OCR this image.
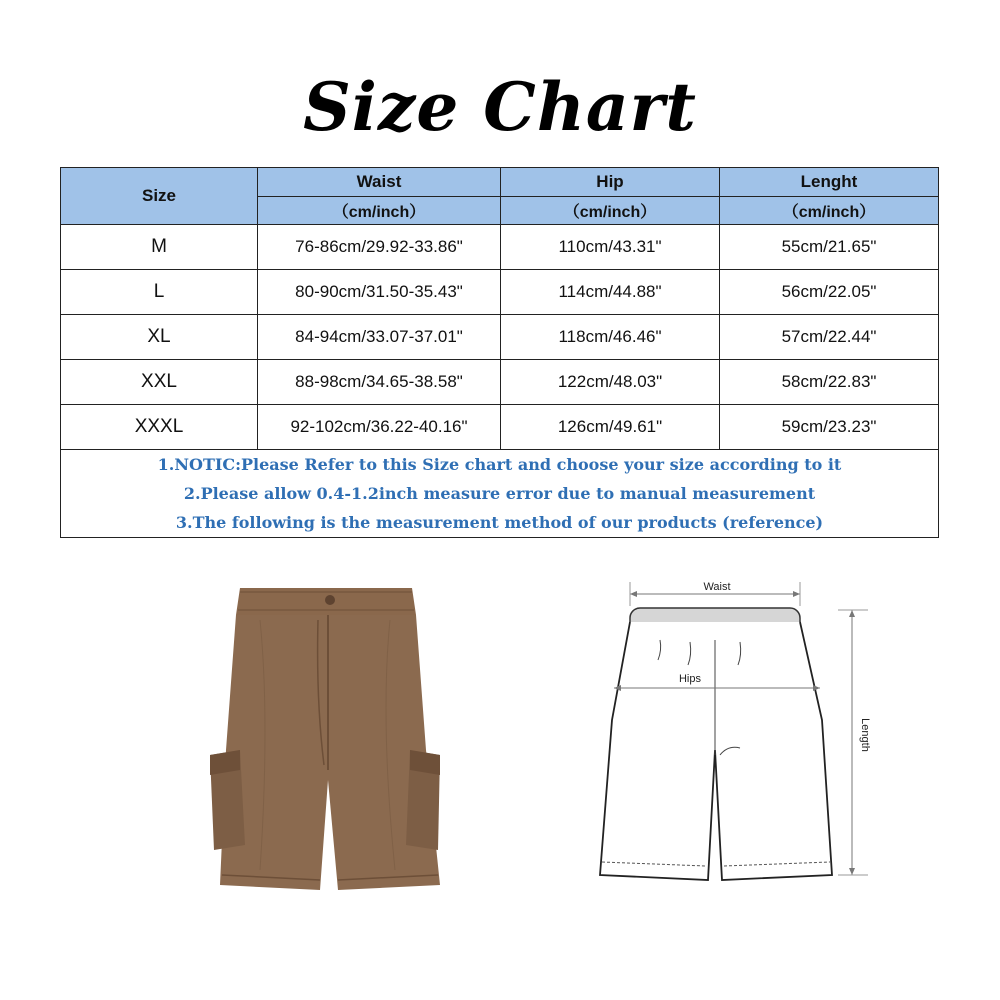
Size Chart
Size	Waist	Hip	Lenght
	（cm/inch）	（cm/inch）	（cm/inch）
M	76-86cm/29.92-33.86"	110cm/43.31"	55cm/21.65"
L	80-90cm/31.50-35.43"	114cm/44.88"	56cm/22.05"
XL	84-94cm/33.07-37.01"	118cm/46.46"	57cm/22.44"
XXL	88-98cm/34.65-38.58"	122cm/48.03"	58cm/22.83"
XXXL	92-102cm/36.22-40.16"	126cm/49.61"	59cm/23.23"

1.NOTIC:Please Refer to this Size chart and choose your size according to it
2.Please allow 0.4-1.2inch measure error due to manual measurement
3.The following is the measurement method of our products (reference)			
Waist
Hips
Length
